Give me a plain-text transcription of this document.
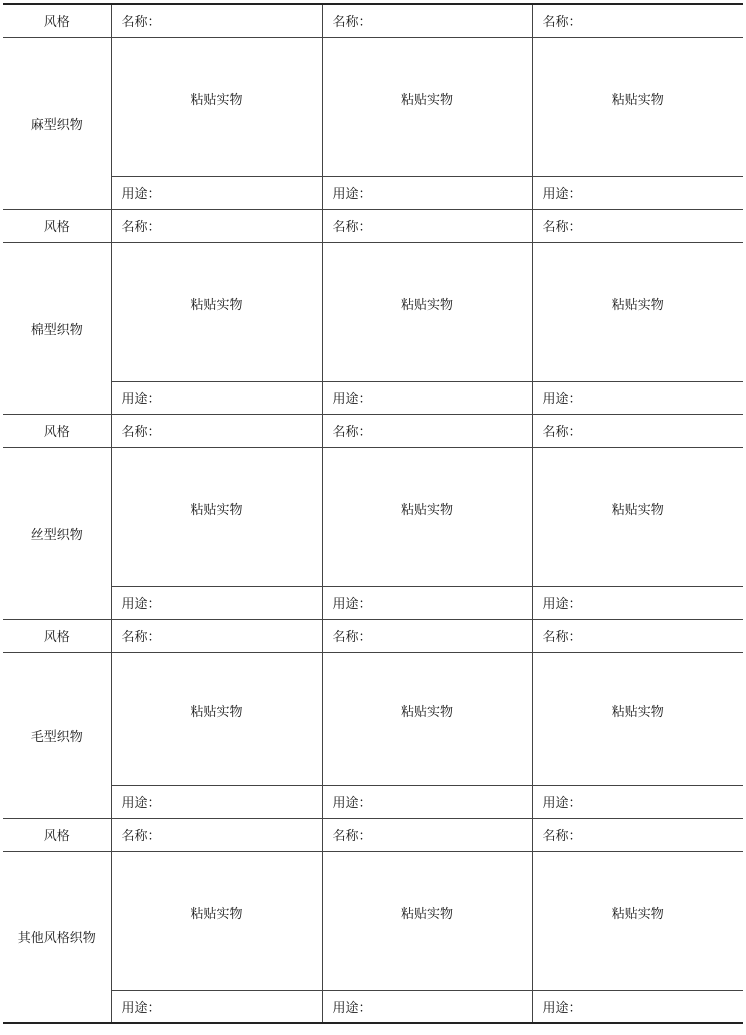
风格	名称：	名称：	名称：
麻型织物	粘贴实物	粘贴实物	粘贴实物
	用途：	用途：	用途：
风格	名称：	名称：	名称：
棉型织物	粘贴实物	粘贴实物	粘贴实物
	用途：	用途：	用途：
风格	名称：	名称：	名称：
丝型织物	粘贴实物	粘贴实物	粘贴实物
	用途：	用途：	用途：
风格	名称：	名称：	名称：
毛型织物	粘贴实物	粘贴实物	粘贴实物
	用途：	用途：	用途：
风格	名称：	名称：	名称：
其他风格织物	粘贴实物	粘贴实物	粘贴实物
	用途：	用途：	用途：
